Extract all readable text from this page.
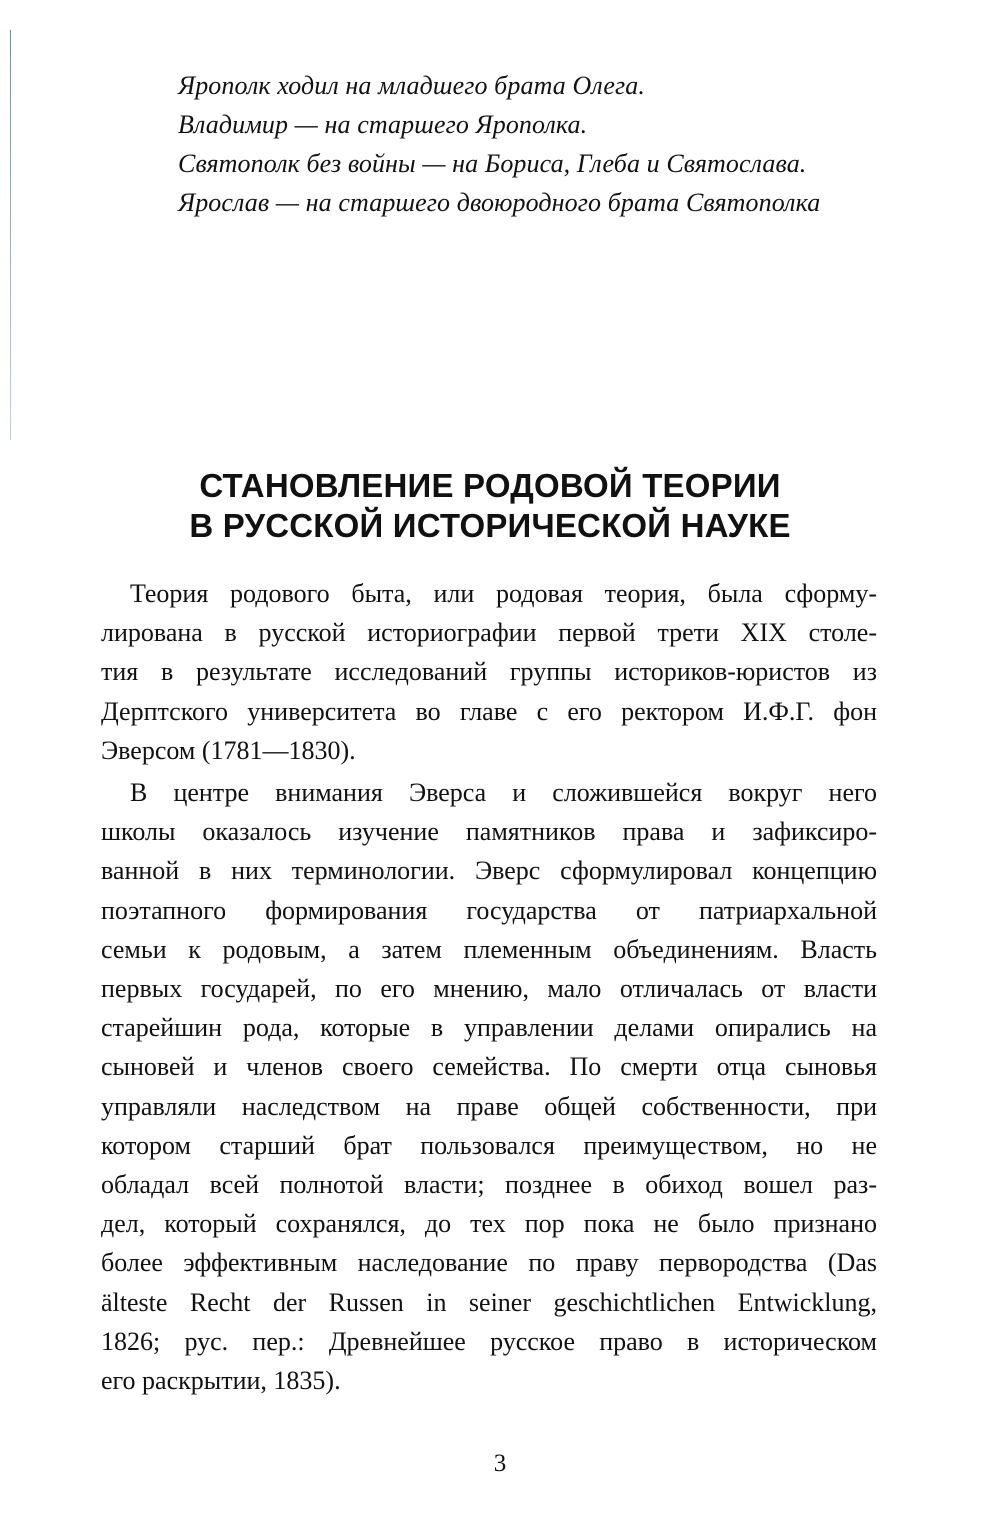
Ярополк ходил на младшего брата Олега.
Владимир — на старшего Ярополка.
Святополк без войны — на Бориса, Глеба и Святослава.
Ярослав — на старшего двоюродного брата Святополка
СТАНОВЛЕНИЕ РОДОВОЙ ТЕОРИИ
В РУССКОЙ ИСТОРИЧЕСКОЙ НАУКЕ
Теория родового быта, или родовая теория, была сформу-
лирована в русской историографии первой трети XIX столе-
тия в результате исследований группы историков-юристов из
Дерптского университета во главе с его ректором И.Ф.Г. фон
Эверсом (1781—1830).
В центре внимания Эверса и сложившейся вокруг него
школы оказалось изучение памятников права и зафиксиро-
ванной в них терминологии. Эверс сформулировал концепцию
поэтапного формирования государства от патриархальной
семьи к родовым, а затем племенным объединениям. Власть
первых государей, по его мнению, мало отличалась от власти
старейшин рода, которые в управлении делами опирались на
сыновей и членов своего семейства. По смерти отца сыновья
управляли наследством на праве общей собственности, при
котором старший брат пользовался преимуществом, но не
обладал всей полнотой власти; позднее в обиход вошел раз-
дел, который сохранялся, до тех пор пока не было признано
более эффективным наследование по праву первородства (Das
älteste Recht der Russen in seiner geschichtlichen Entwicklung,
1826; рус. пер.: Древнейшее русское право в историческом
его раскрытии, 1835).
3
